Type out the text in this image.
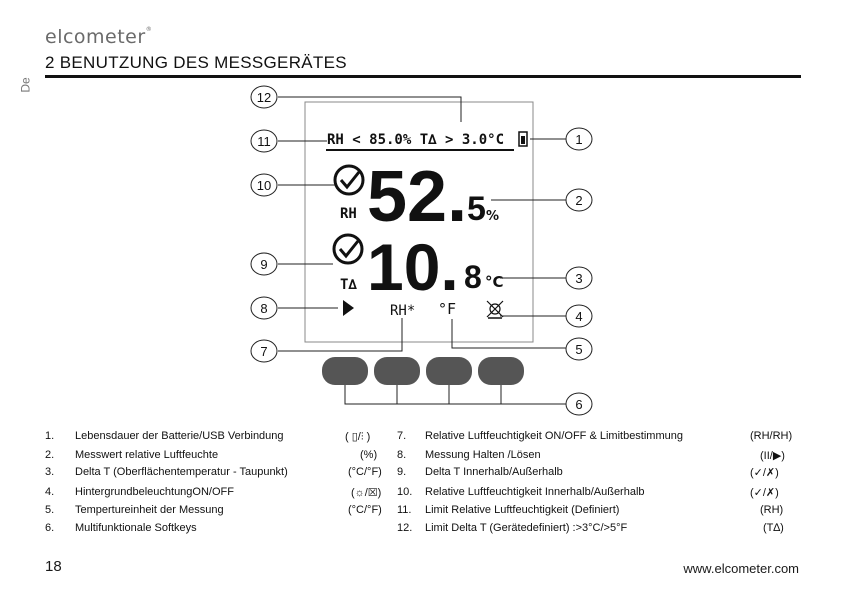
elcometer®
2 BENUTZUNG DES MESSGERÄTES
De
RH < 85.0% T∆ > 3.0°C
RH 52. 5 %
T∆ 10. 8 °C
RH* °F
12
11	1
10
2
9
3
8
4
7	5
6
1. Lebensdauer der Batterie/USB Verbindung	( ▯/⫶ )
2. Messwert relative Luftfeuchte	(%)
3. Delta T (Oberflächentemperatur - Taupunkt)	(°C/°F)
4. HintergrundbeleuchtungON/OFF	(☼/☒)
5. Tempertureinheit der Messung	(°C/°F)
6. Multifunktionale Softkeys
7. Relative Luftfeuchtigkeit ON/OFF & Limitbestimmung	(RH/RH)
8. Messung Halten /Lösen	(II/▶)
9. Delta T Innerhalb/Außerhalb	(✓/✗)
10. Relative Luftfeuchtigkeit Innerhalb/Außerhalb	(✓/✗)
11. Limit Relative Luftfeuchtigkeit (Definiert)	(RH)
12. Limit Delta T (Gerätedefiniert) :>3°C/>5°F	(T∆)
18	www.elcometer.com
